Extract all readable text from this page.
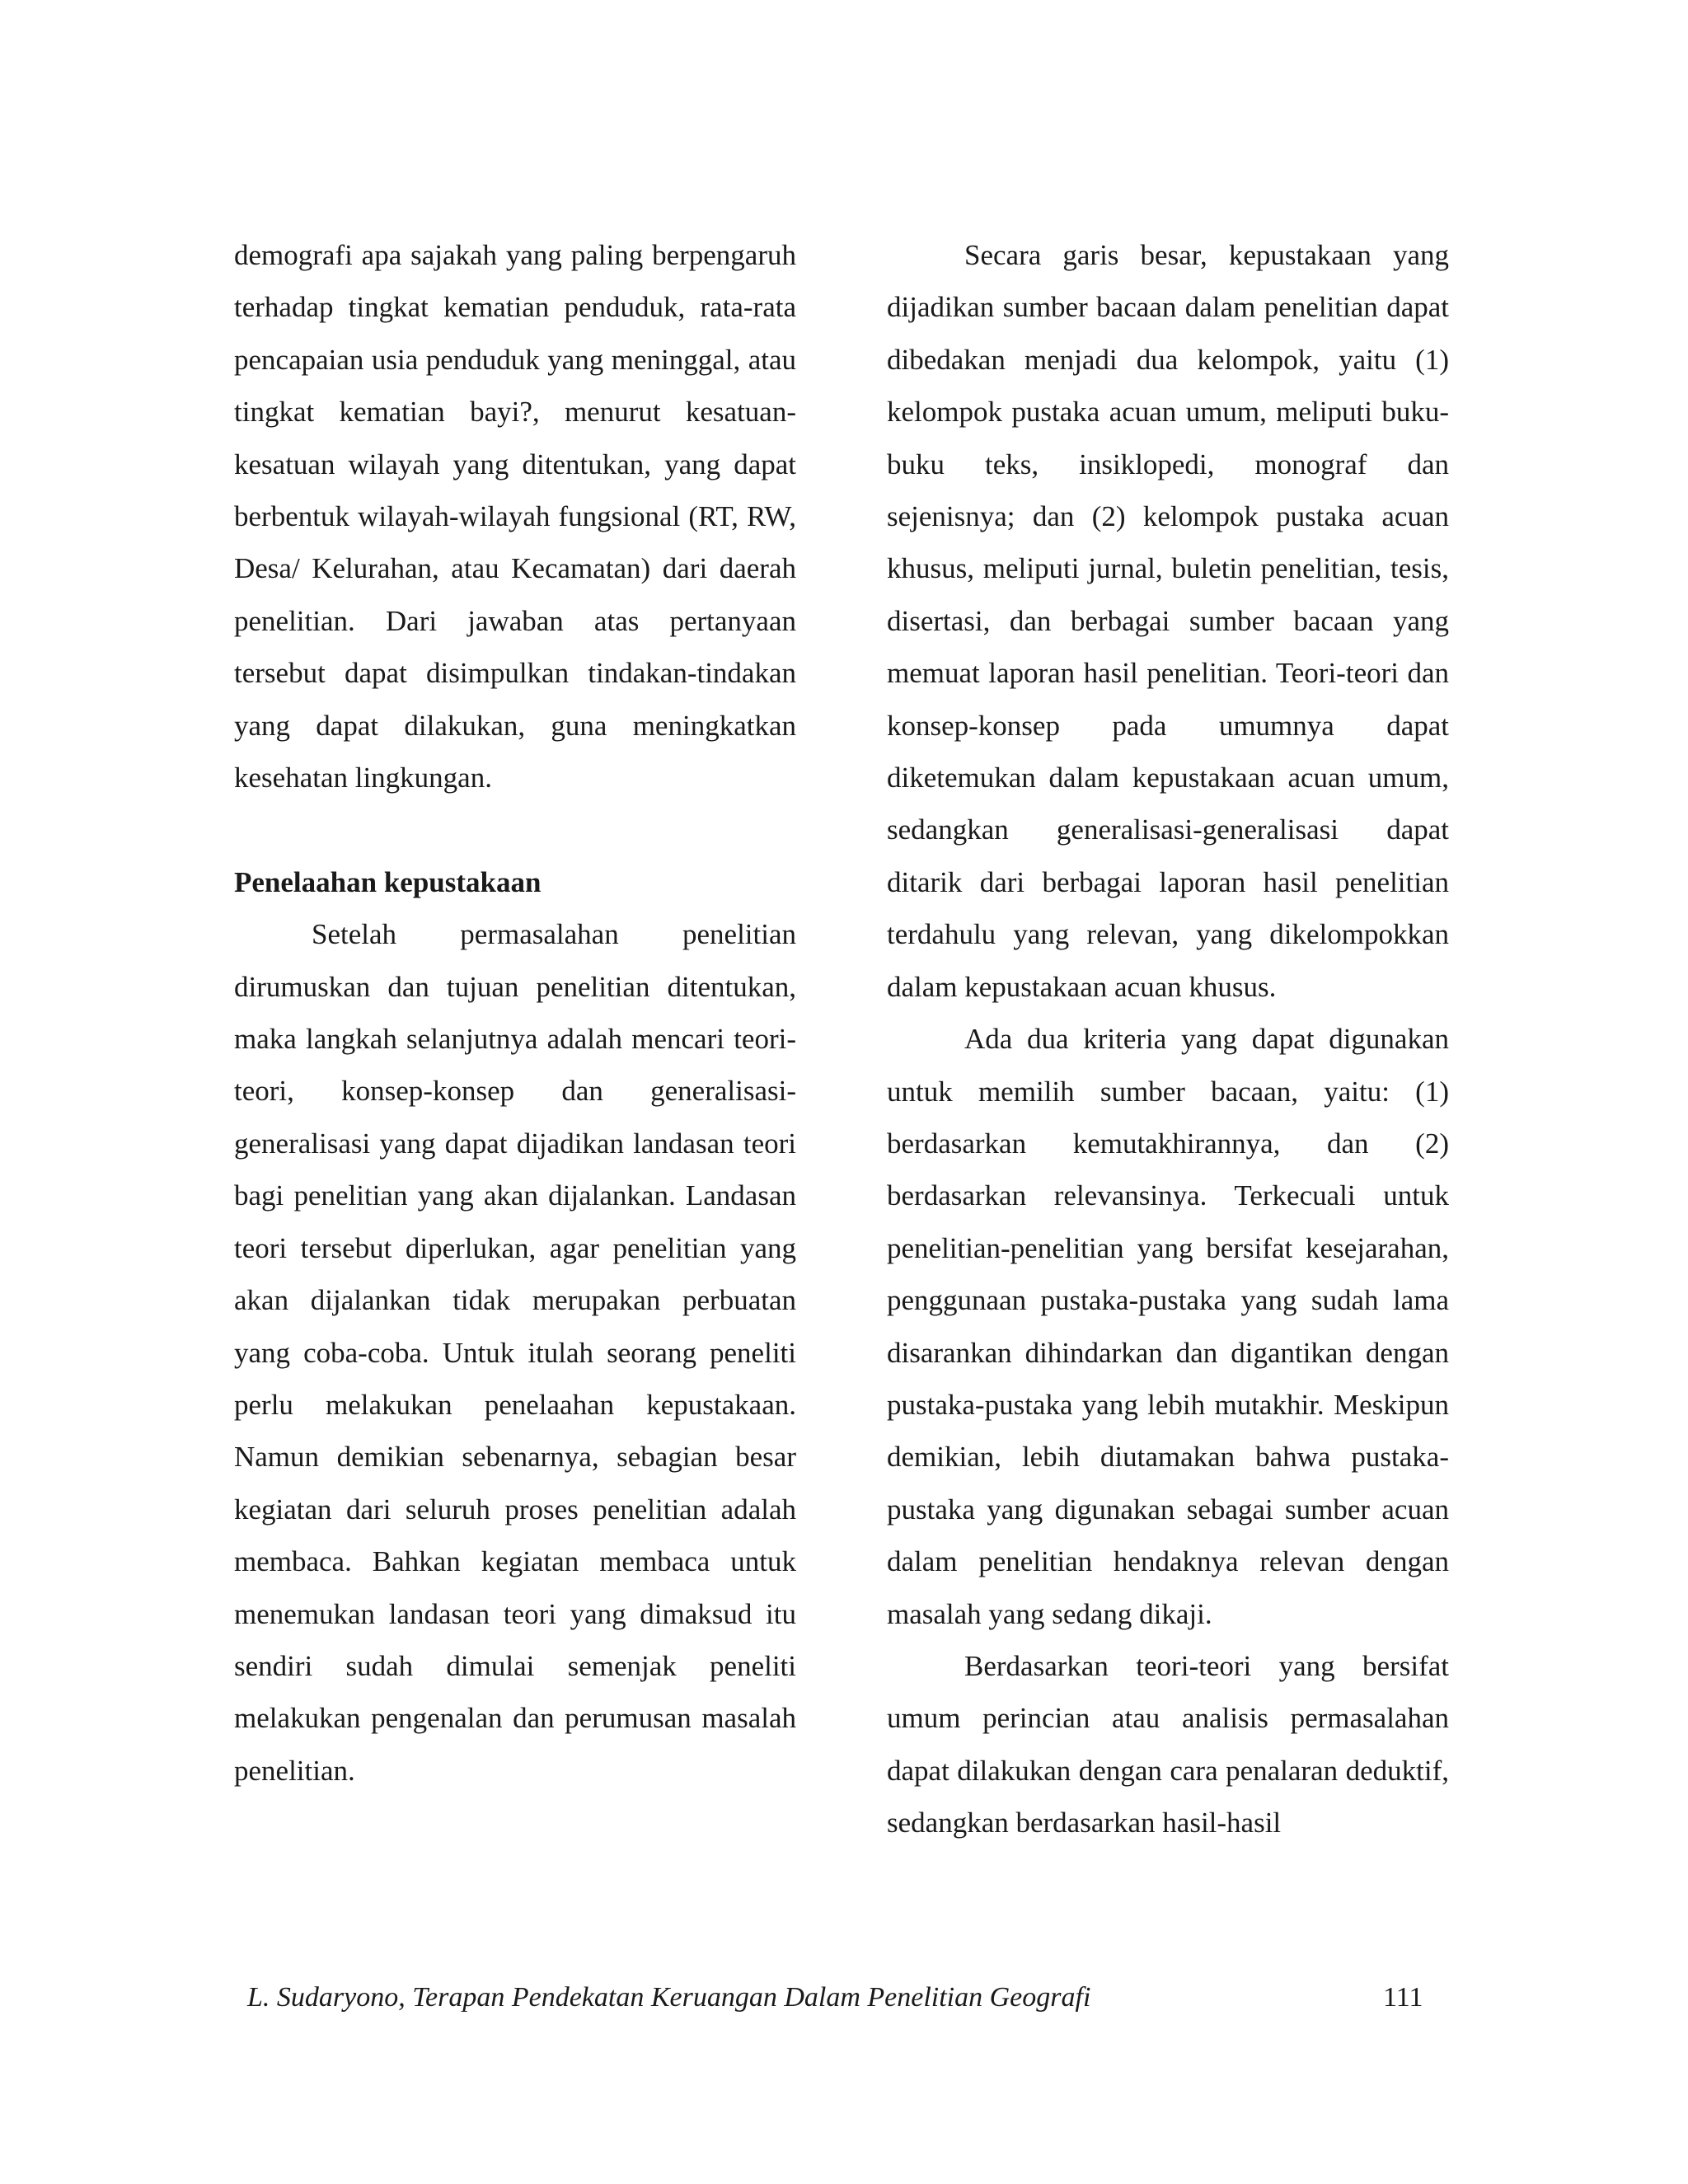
demografi apa sajakah yang paling berpengaruh terhadap tingkat kematian penduduk, rata-rata pencapaian usia penduduk yang meninggal, atau tingkat kematian bayi?, menurut kesatuan-kesatuan wilayah yang ditentukan, yang dapat berbentuk wilayah-wilayah fungsional (RT, RW, Desa/ Kelurahan, atau Kecamatan) dari daerah penelitian. Dari jawaban atas pertanyaan tersebut dapat disimpulkan tindakan-tindakan yang dapat dilakukan, guna meningkatkan kesehatan lingkungan.

Penelaahan kepustakaan

Setelah permasalahan penelitian dirumuskan dan tujuan penelitian ditentukan, maka langkah selanjutnya adalah mencari teori-teori, konsep-konsep dan generalisasi-generalisasi yang dapat dijadikan landasan teori bagi penelitian yang akan dijalankan. Landasan teori tersebut diperlukan, agar penelitian yang akan dijalankan tidak merupakan perbuatan yang coba-coba. Untuk itulah seorang peneliti perlu melakukan penelaahan kepustakaan. Namun demikian sebenarnya, sebagian besar kegiatan dari seluruh proses penelitian adalah membaca. Bahkan kegiatan membaca untuk menemukan landasan teori yang dimaksud itu sendiri sudah dimulai semenjak peneliti melakukan pengenalan dan perumusan masalah penelitian.

Secara garis besar, kepustakaan yang dijadikan sumber bacaan dalam penelitian dapat dibedakan menjadi dua kelompok, yaitu (1) kelompok pustaka acuan umum, meliputi buku-buku teks, insiklopedi, monograf dan sejenisnya; dan (2) kelompok pustaka acuan khusus, meliputi jurnal, buletin penelitian, tesis, disertasi, dan berbagai sumber bacaan yang memuat laporan hasil penelitian. Teori-teori dan konsep-konsep pada umumnya dapat diketemukan dalam kepustakaan acuan umum, sedangkan generalisasi-generalisasi dapat ditarik dari berbagai laporan hasil penelitian terdahulu yang relevan, yang dikelompokkan dalam kepustakaan acuan khusus.

Ada dua kriteria yang dapat digunakan untuk memilih sumber bacaan, yaitu: (1) berdasarkan kemutakhirannya, dan (2) berdasarkan relevansinya. Terkecuali untuk penelitian-penelitian yang bersifat kesejarahan, penggunaan pustaka-pustaka yang sudah lama disarankan dihindarkan dan digantikan dengan pustaka-pustaka yang lebih mutakhir. Meskipun demikian, lebih diutamakan bahwa pustaka-pustaka yang digunakan sebagai sumber acuan dalam penelitian hendaknya relevan dengan masalah yang sedang dikaji.

Berdasarkan teori-teori yang bersifat umum perincian atau analisis permasalahan dapat dilakukan dengan cara penalaran deduktif, sedangkan berdasarkan hasil-hasil

L. Sudaryono, Terapan Pendekatan Keruangan Dalam Penelitian Geografi	111
